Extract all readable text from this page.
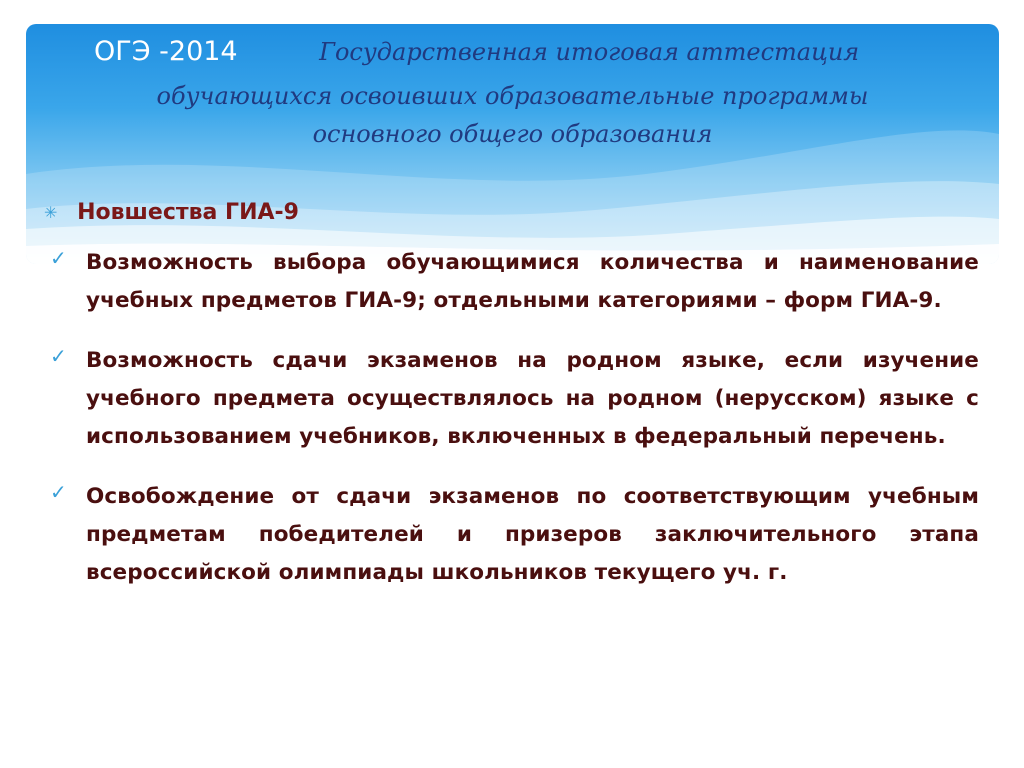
ОГЭ -2014	Государственная итоговая аттестация
обучающихся освоивших образовательные программы
основного общего образования
✳ Новшества ГИА-9
✓ Возможность выбора обучающимися количества и наименование учебных предметов ГИА-9; отдельными категориями – форм ГИА-9.
✓ Возможность сдачи экзаменов на родном языке, если изучение учебного предмета осуществлялось на родном (нерусском) языке с использованием учебников, включенных в федеральный перечень.
✓ Освобождение от сдачи экзаменов по соответствующим учебным предметам победителей и призеров заключительного этапа всероссийской олимпиады школьников текущего уч. г.
